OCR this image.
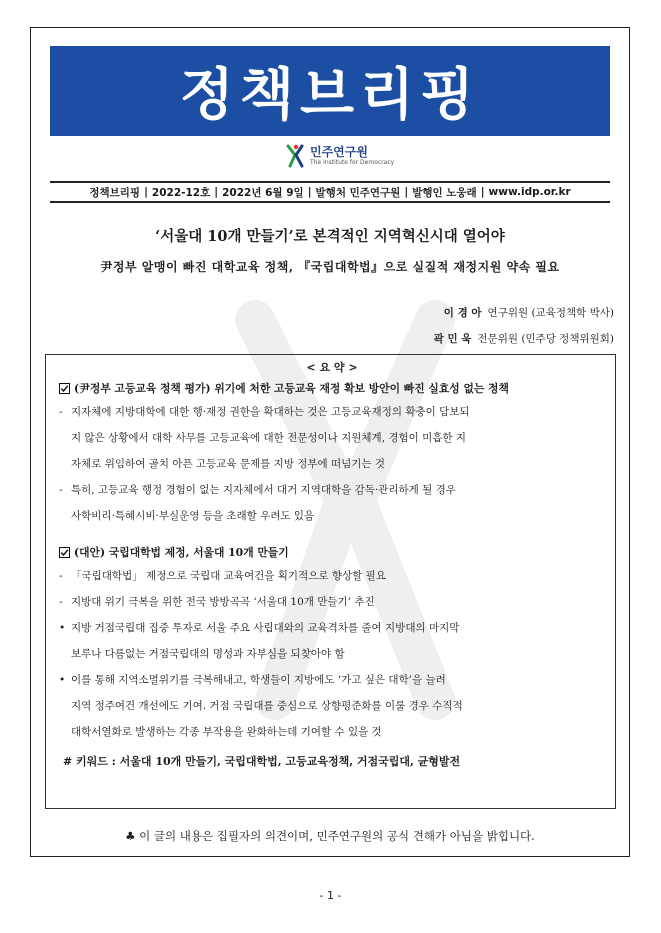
정책브리핑
민주연구원
The Institute for Democracy
정책브리핑 | 2022-12호 | 2022년 6월 9일 | 발행처 민주연구원 | 발행인 노웅래 | www.idp.or.kr
‘서울대 10개 만들기’로 본격적인 지역혁신시대 열어야
尹정부 알맹이 빠진 대학교육 정책, 『국립대학법』으로 실질적 재정지원 약속 필요
이 경 아 연구위원 (교육정책학 박사)
곽 민 욱 전문위원 (민주당 정책위원회)
< 요 약 >
(尹정부 고등교육 정책 평가) 위기에 처한 고등교육 재정 확보 방안이 빠진 실효성 없는 정책
- 지자체에 지방대학에 대한 행·재정 권한을 확대하는 것은 고등교육재정의 확충이 담보되
지 않은 상황에서 대학 사무를 고등교육에 대한 전문성이나 지원체계, 경험이 미흡한 지
자체로 위임하여 골치 아픈 고등교육 문제를 지방 정부에 떠넘기는 것
- 특히, 고등교육 행정 경험이 없는 지자체에서 대거 지역대학을 감독·관리하게 될 경우
사학비리·특혜시비·부실운영 등을 초래할 우려도 있음
(대안) 국립대학법 제정, 서울대 10개 만들기
- 「국립대학법」 제정으로 국립대 교육여건을 획기적으로 향상할 필요
- 지방대 위기 극복을 위한 전국 방방곡곡 ‘서울대 10개 만들기’ 추진
• 지방 거점국립대 집중 투자로 서울 주요 사립대와의 교육격차를 줄여 지방대의 마지막
보루나 다름없는 거점국립대의 명성과 자부심을 되찾아야 함
• 이를 통해 지역소멸위기를 극복해내고, 학생들이 지방에도 ‘가고 싶은 대학’을 늘려
지역 정주여건 개선에도 기여. 거점 국립대를 중심으로 상향평준화를 이룰 경우 수직적
대학서열화로 발생하는 각종 부작용을 완화하는데 기여할 수 있을 것
# 키워드 : 서울대 10개 만들기, 국립대학법, 고등교육정책, 거점국립대, 균형발전
♣ 이 글의 내용은 집필자의 의견이며, 민주연구원의 공식 견해가 아님을 밝힙니다.
- 1 -
